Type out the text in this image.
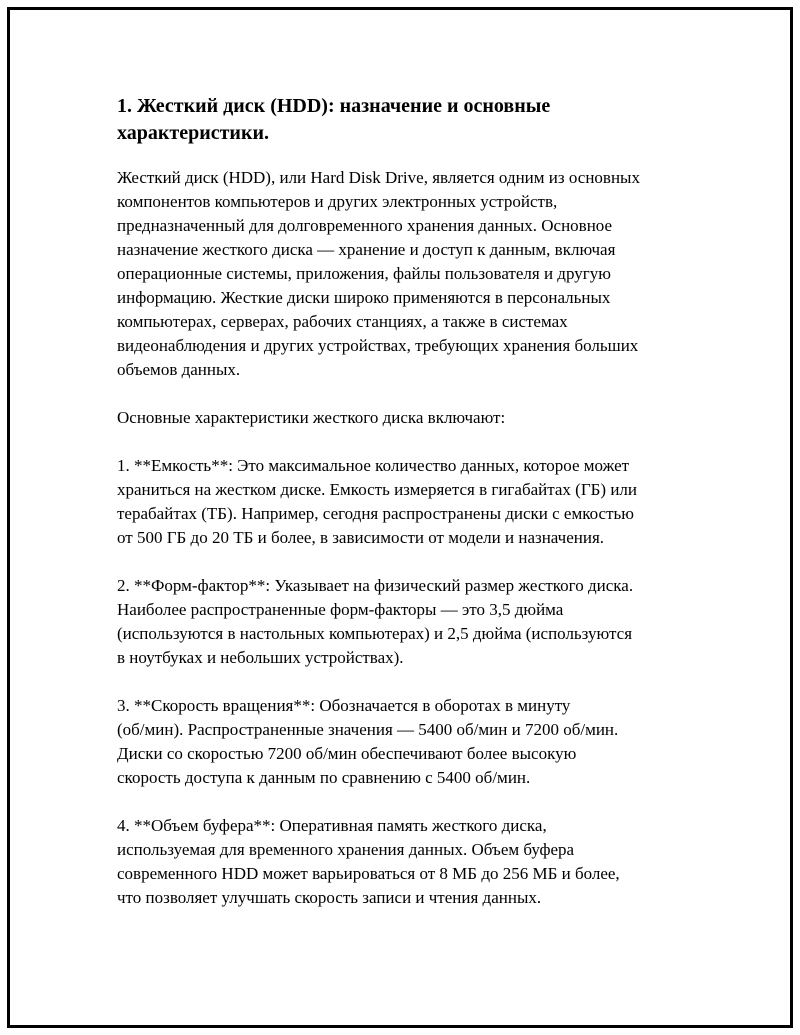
1. Жесткий диск (HDD): назначение и основные
характеристики.

Жесткий диск (HDD), или Hard Disk Drive, является одним из основных
компонентов компьютеров и других электронных устройств,
предназначенный для долговременного хранения данных. Основное
назначение жесткого диска — хранение и доступ к данным, включая
операционные системы, приложения, файлы пользователя и другую
информацию. Жесткие диски широко применяются в персональных
компьютерах, серверах, рабочих станциях, а также в системах
видеонаблюдения и других устройствах, требующих хранения больших
объемов данных.

Основные характеристики жесткого диска включают:

1. **Емкость**: Это максимальное количество данных, которое может
храниться на жестком диске. Емкость измеряется в гигабайтах (ГБ) или
терабайтах (ТБ). Например, сегодня распространены диски с емкостью
от 500 ГБ до 20 ТБ и более, в зависимости от модели и назначения.

2. **Форм-фактор**: Указывает на физический размер жесткого диска.
Наиболее распространенные форм-факторы — это 3,5 дюйма
(используются в настольных компьютерах) и 2,5 дюйма (используются
в ноутбуках и небольших устройствах).

3. **Скорость вращения**: Обозначается в оборотах в минуту
(об/мин). Распространенные значения — 5400 об/мин и 7200 об/мин.
Диски со скоростью 7200 об/мин обеспечивают более высокую
скорость доступа к данным по сравнению с 5400 об/мин.

4. **Объем буфера**: Оперативная память жесткого диска,
используемая для временного хранения данных. Объем буфера
современного HDD может варьироваться от 8 МБ до 256 МБ и более,
что позволяет улучшать скорость записи и чтения данных.
